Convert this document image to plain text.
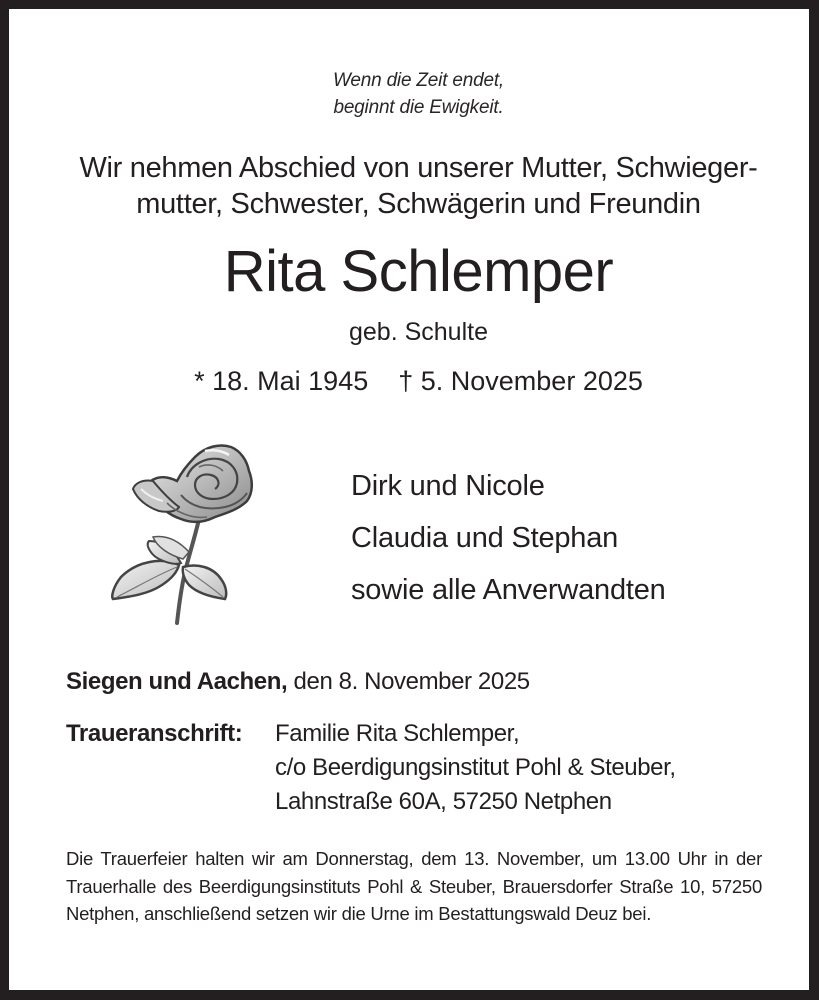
Wenn die Zeit endet,
beginnt die Ewigkeit.
Wir nehmen Abschied von unserer Mutter, Schwieger-
mutter, Schwester, Schwägerin und Freundin
Rita Schlemper
geb. Schulte
* 18. Mai 1945 † 5. November 2025
Dirk und Nicole
Claudia und Stephan
sowie alle Anverwandten
Siegen und Aachen, den 8. November 2025
Traueranschrift: Familie Rita Schlemper,
c/o Beerdigungsinstitut Pohl & Steuber,
Lahnstraße 60A, 57250 Netphen
Die Trauerfeier halten wir am Donnerstag, dem 13. November, um 13.00 Uhr in der Trauerhalle des Beerdigungsinstituts Pohl & Steuber, Brauersdorfer Straße 10, 57250 Netphen, anschließend setzen wir die Urne im Bestattungswald Deuz bei.
